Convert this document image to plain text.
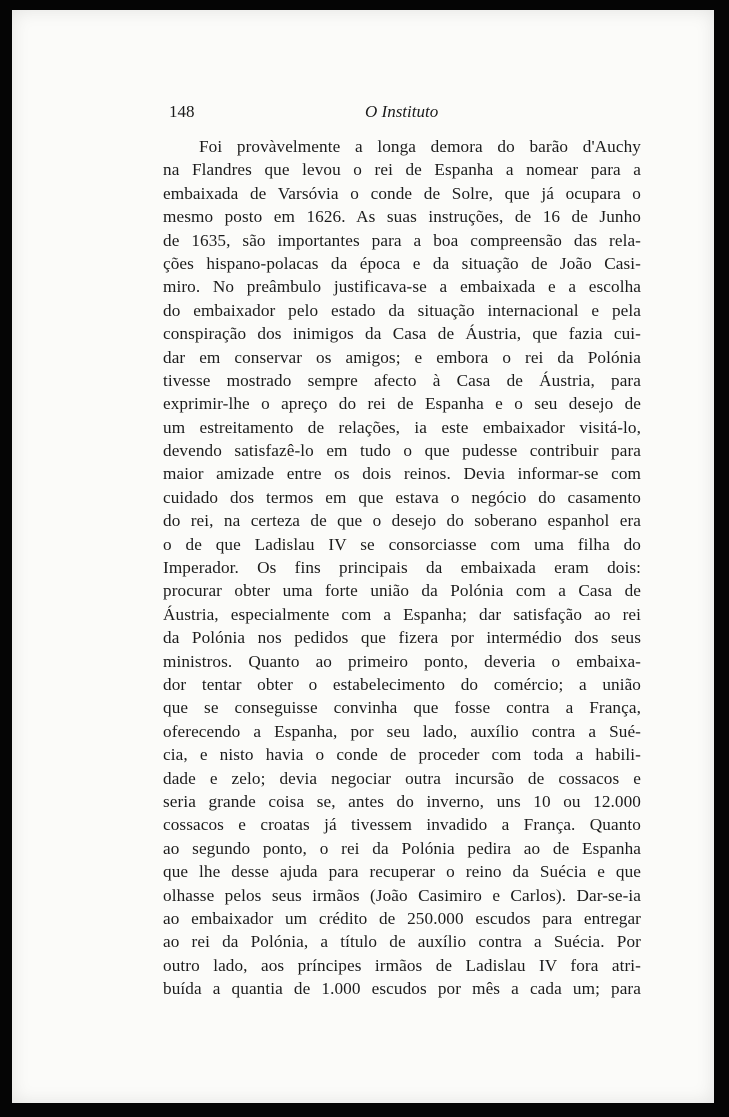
148	O Instituto
Foi provàvelmente a longa demora do barão d'Auchy
na Flandres que levou o rei de Espanha a nomear para a
embaixada de Varsóvia o conde de Solre, que já ocupara o
mesmo posto em 1626. As suas instruções, de 16 de Junho
de 1635, são importantes para a boa compreensão das rela-
ções hispano-polacas da época e da situação de João Casi-
miro. No preâmbulo justificava-se a embaixada e a escolha
do embaixador pelo estado da situação internacional e pela
conspiração dos inimigos da Casa de Áustria, que fazia cui-
dar em conservar os amigos; e embora o rei da Polónia
tivesse mostrado sempre afecto à Casa de Áustria, para
exprimir-lhe o apreço do rei de Espanha e o seu desejo de
um estreitamento de relações, ia este embaixador visitá-lo,
devendo satisfazê-lo em tudo o que pudesse contribuir para
maior amizade entre os dois reinos. Devia informar-se com
cuidado dos termos em que estava o negócio do casamento
do rei, na certeza de que o desejo do soberano espanhol era
o de que Ladislau IV se consorciasse com uma filha do
Imperador. Os fins principais da embaixada eram dois:
procurar obter uma forte união da Polónia com a Casa de
Áustria, especialmente com a Espanha; dar satisfação ao rei
da Polónia nos pedidos que fizera por intermédio dos seus
ministros. Quanto ao primeiro ponto, deveria o embaixa-
dor tentar obter o estabelecimento do comércio; a união
que se conseguisse convinha que fosse contra a França,
oferecendo a Espanha, por seu lado, auxílio contra a Sué-
cia, e nisto havia o conde de proceder com toda a habili-
dade e zelo; devia negociar outra incursão de cossacos e
seria grande coisa se, antes do inverno, uns 10 ou 12.000
cossacos e croatas já tivessem invadido a França. Quanto
ao segundo ponto, o rei da Polónia pedira ao de Espanha
que lhe desse ajuda para recuperar o reino da Suécia e que
olhasse pelos seus irmãos (João Casimiro e Carlos). Dar-se-ia
ao embaixador um crédito de 250.000 escudos para entregar
ao rei da Polónia, a título de auxílio contra a Suécia. Por
outro lado, aos príncipes irmãos de Ladislau IV fora atri-
buída a quantia de 1.000 escudos por mês a cada um; para
